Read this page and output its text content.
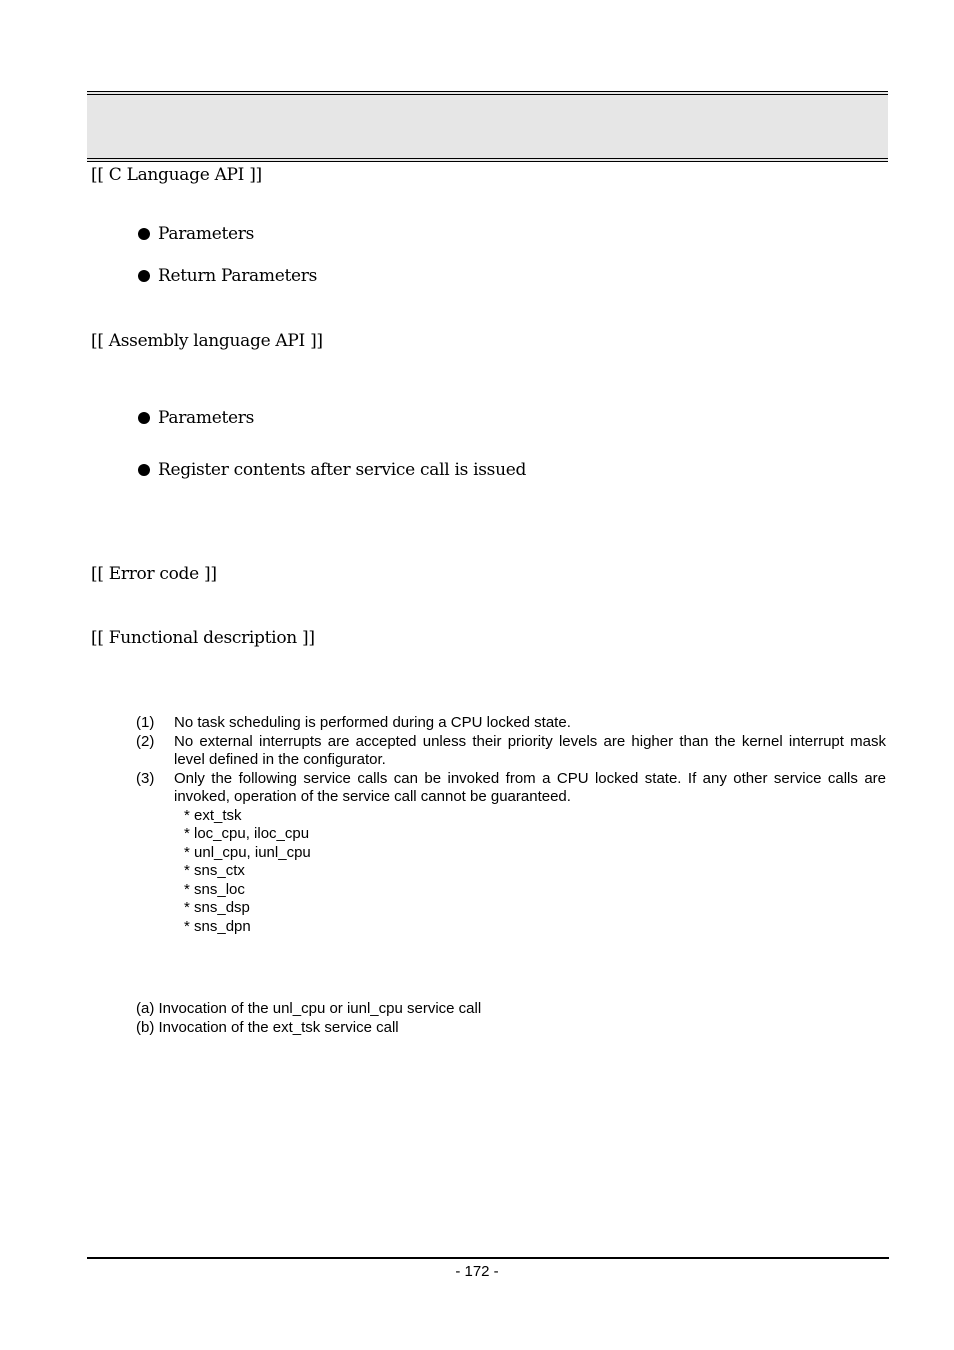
[[ C Language API ]]
Parameters
Return Parameters
[[ Assembly language API ]]
Parameters
Register contents after service call is issued
[[ Error code ]]
[[ Functional description ]]
(1)	No task scheduling is performed during a CPU locked state.
(2)	No external interrupts are accepted unless their priority levels are higher than the kernel interrupt mask level defined in the configurator.
(3)	Only the following service calls can be invoked from a CPU locked state. If any other service calls are invoked, operation of the service call cannot be guaranteed.
* ext_tsk
* loc_cpu, iloc_cpu
* unl_cpu, iunl_cpu
* sns_ctx
* sns_loc
* sns_dsp
* sns_dpn
(a) Invocation of the unl_cpu or iunl_cpu service call
(b) Invocation of the ext_tsk service call
- 172 -
